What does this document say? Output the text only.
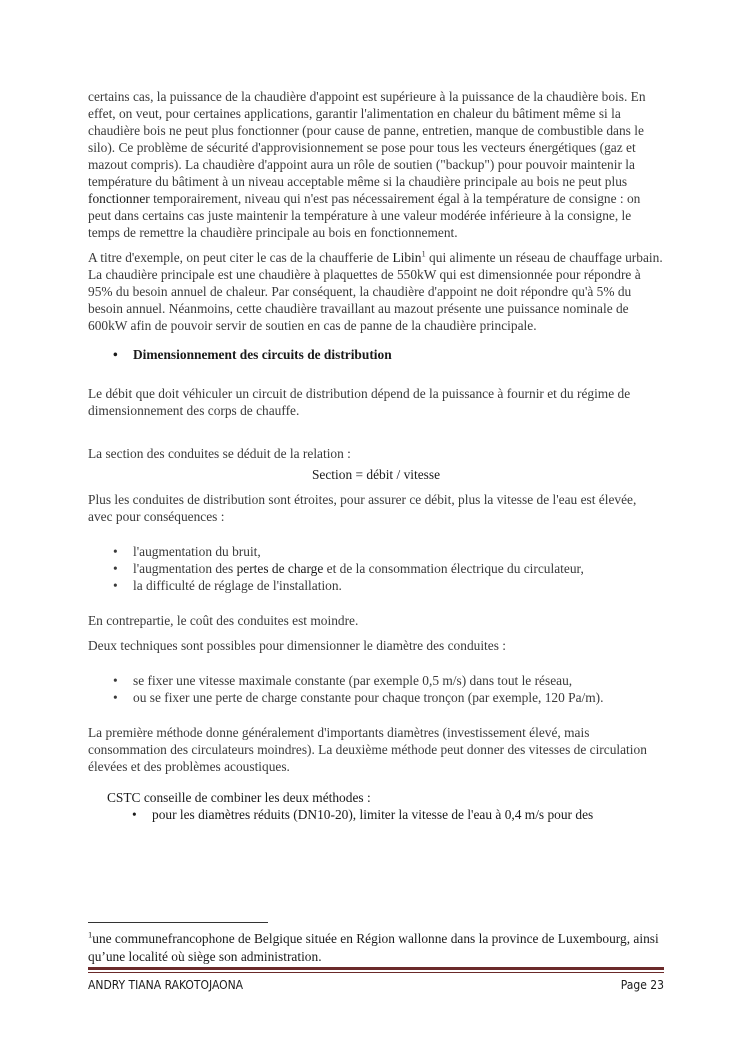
certains cas, la puissance de la chaudière d'appoint est supérieure à la puissance de la chaudière bois. En effet, on veut, pour certaines applications, garantir l'alimentation en chaleur du bâtiment même si la chaudière bois ne peut plus fonctionner (pour cause de panne, entretien, manque de combustible dans le silo). Ce problème de sécurité d'approvisionnement se pose pour tous les vecteurs énergétiques (gaz et mazout compris). La chaudière d'appoint aura un rôle de soutien ("backup") pour pouvoir maintenir la température du bâtiment à un niveau acceptable même si la chaudière principale au bois ne peut plus fonctionner temporairement, niveau qui n'est pas nécessairement égal à la température de consigne : on peut dans certains cas juste maintenir la température à une valeur modérée inférieure à la consigne, le temps de remettre la chaudière principale au bois en fonctionnement.

A titre d'exemple, on peut citer le cas de la chaufferie de Libin$^1$ qui alimente un réseau de chauffage urbain. La chaudière principale est une chaudière à plaquettes de 550kW qui est dimensionnée pour répondre à 95% du besoin annuel de chaleur. Par conséquent, la chaudière d'appoint ne doit répondre qu'à 5% du besoin annuel. Néanmoins, cette chaudière travaillant au mazout présente une puissance nominale de 600kW afin de pouvoir servir de soutien en cas de panne de la chaudière principale.

• Dimensionnement des circuits de distribution

Le débit que doit véhiculer un circuit de distribution dépend de la puissance à fournir et du régime de dimensionnement des corps de chauffe.

La section des conduites se déduit de la relation :

Section = débit / vitesse

Plus les conduites de distribution sont étroites, pour assurer ce débit, plus la vitesse de l'eau est élevée, avec pour conséquences :

• l'augmentation du bruit,
• l'augmentation des pertes de charge et de la consommation électrique du circulateur,
• la difficulté de réglage de l'installation.

En contrepartie, le coût des conduites est moindre.

Deux techniques sont possibles pour dimensionner le diamètre des conduites :

• se fixer une vitesse maximale constante (par exemple 0,5 m/s) dans tout le réseau,
• ou se fixer une perte de charge constante pour chaque tronçon (par exemple, 120 Pa/m).

La première méthode donne généralement d'importants diamètres (investissement élevé, mais consommation des circulateurs moindres). La deuxième méthode peut donner des vitesses de circulation élevées et des problèmes acoustiques.

CSTC conseille de combiner les deux méthodes :

• pour les diamètres réduits (DN10-20), limiter la vitesse de l'eau à 0,4 m/s pour des
$^1$une communefrancophone de Belgique située en Région wallonne dans la province de Luxembourg, ainsi qu’une localité où siège son administration.
ANDRY TIANA RAKOTOJAONA	Page 23
